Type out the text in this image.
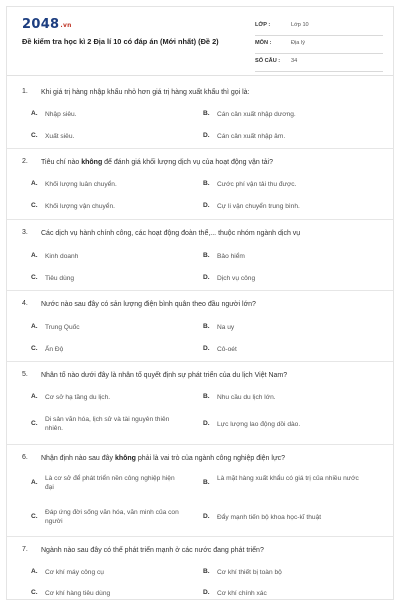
2048.vn
Đề kiểm tra học kì 2 Địa lí 10 có đáp án (Mới nhất) (Đề 2)
LỚP :	Lớp 10
MÔN :	Địa lý
SỐ CÂU : 34
1. Khi giá trị hàng nhập khẩu nhỏ hơn giá trị hàng xuất khẩu thì gọi là:
A. Nhập siêu.	B. Cán cân xuất nhập dương.
C. Xuất siêu.	D. Cán cân xuất nhập âm.
2. Tiêu chí nào không để đánh giá khối lượng dịch vụ của hoạt động vận tải?
A. Khối lượng luân chuyển.	B. Cước phí vận tải thu được.
C. Khối lượng vận chuyển.	D. Cự li vận chuyển trung bình.
3. Các dịch vụ hành chính công, các hoạt động đoàn thể,... thuộc nhóm ngành dịch vụ
A. Kinh doanh	B. Bảo hiểm
C. Tiêu dùng	D. Dịch vụ công
4. Nước nào sau đây có sản lượng điện bình quân theo đầu người lớn?
A. Trung Quốc	B. Na uy
C. Ấn Độ	D. Cô-oét
5. Nhân tố nào dưới đây là nhân tố quyết định sự phát triển của du lịch Việt Nam?
A. Cơ sở hạ tầng du lịch.	B. Nhu cầu du lịch lớn.
C.
Di sản văn hóa, lịch sử và tài nguyên thiên nhiên.
D. Lực lượng lao động dồi dào.
6. Nhận định nào sau đây không phải là vai trò của ngành công nghiệp điện lực?
A.
Là cơ sở để phát triển nền công nghiệp hiện đại
B.
Là mặt hàng xuất khẩu có giá trị của nhiều nước
C.
Đáp ứng đời sống văn hóa, văn minh của con người
D. Đẩy mạnh tiến bộ khoa học-kĩ thuật
7. Ngành nào sau đây có thế phát triển mạnh ở các nước đang phát triển?
A. Cơ khí máy công cụ	B. Cơ khí thiết bị toàn bộ
C. Cơ khí hàng tiêu dùng	D. Cơ khí chính xác
